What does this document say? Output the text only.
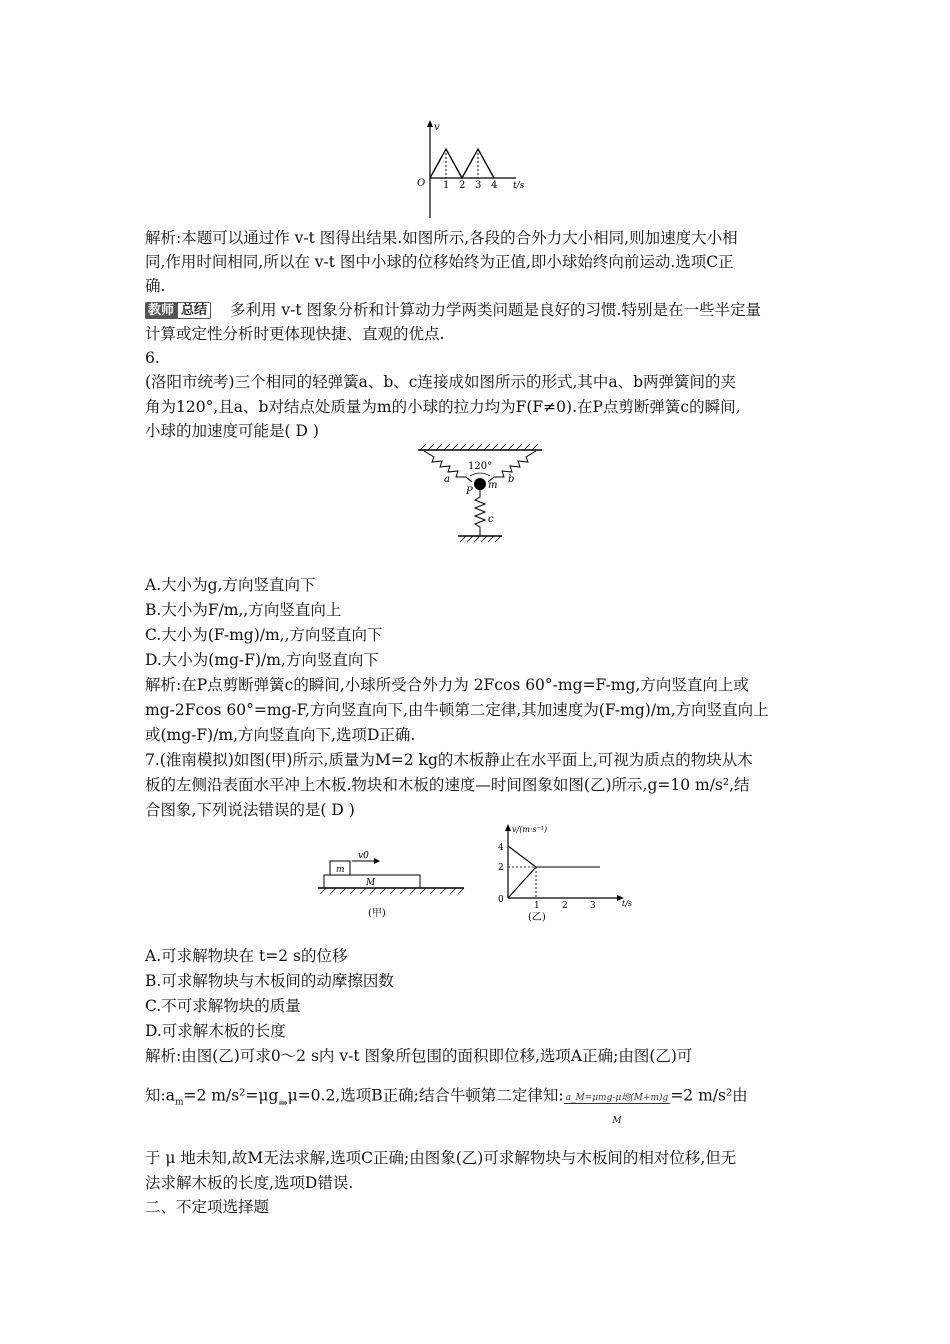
v
O 1 2 3 4 t/s
解析:本题可以通过作 v-t 图得出结果.如图所示,各段的合外力大小相同,则加速度大小相
同,作用时间相同,所以在 v-t 图中小球的位移始终为正值,即小球始终向前运动.选项C正
确.
教师 总结 多利用 v-t 图象分析和计算动力学两类问题是良好的习惯.特别是在一些半定量
计算或定性分析时更体现快捷、直观的优点.
6.
(洛阳市统考)三个相同的轻弹簧a、b、c连接成如图所示的形式,其中a、b两弹簧间的夹
角为120°,且a、b对结点处质量为m的小球的拉力均为F(F≠0).在P点剪断弹簧c的瞬间,
小球的加速度可能是( D )
120°
a	b
P
m
c
A.大小为g,方向竖直向下
B.大小为F/m,,方向竖直向上
C.大小为(F-mg)/m,,方向竖直向下
D.大小为(mg-F)/m,方向竖直向下
解析:在P点剪断弹簧c的瞬间,小球所受合外力为 2Fcos 60°-mg=F-mg,方向竖直向上或
mg-2Fcos 60°=mg-F,方向竖直向下,由牛顿第二定律,其加速度为(F-mg)/m,方向竖直向上
或(mg-F)/m,方向竖直向下,选项D正确.
7.(淮南模拟)如图(甲)所示,质量为M=2 kg的木板静止在水平面上,可视为质点的物块从木
板的左侧沿表面水平冲上木板.物块和木板的速度—时间图象如图(乙)所示,g=10 m/s²,结
合图象,下列说法错误的是( D )
m
v0
M
(甲)
v/(m·s⁻¹)
t/s
4
2
0
1 2 3
(乙)
A.可求解物块在 t=2 s的位移
B.可求解物块与木板间的动摩擦因数
C.不可求解物块的质量
D.可求解木板的长度
解析:由图(乙)可求0～2 s内 v-t 图象所包围的面积即位移,选项A正确;由图(乙)可
知$:a_m=2$ $m/s^2=\mu g_\Rightarrow\mu=0.2$,选项B正确;结合牛顿第二定律知$:\frac{\text{a\_M=μmg-μ地(M+m)g}}{M} =2$ m/s²由
于 μ 地未知,故M无法求解,选项C正确;由图象(乙)可求解物块与木板间的相对位移,但无
法求解木板的长度,选项D错误.
二、不定项选择题
